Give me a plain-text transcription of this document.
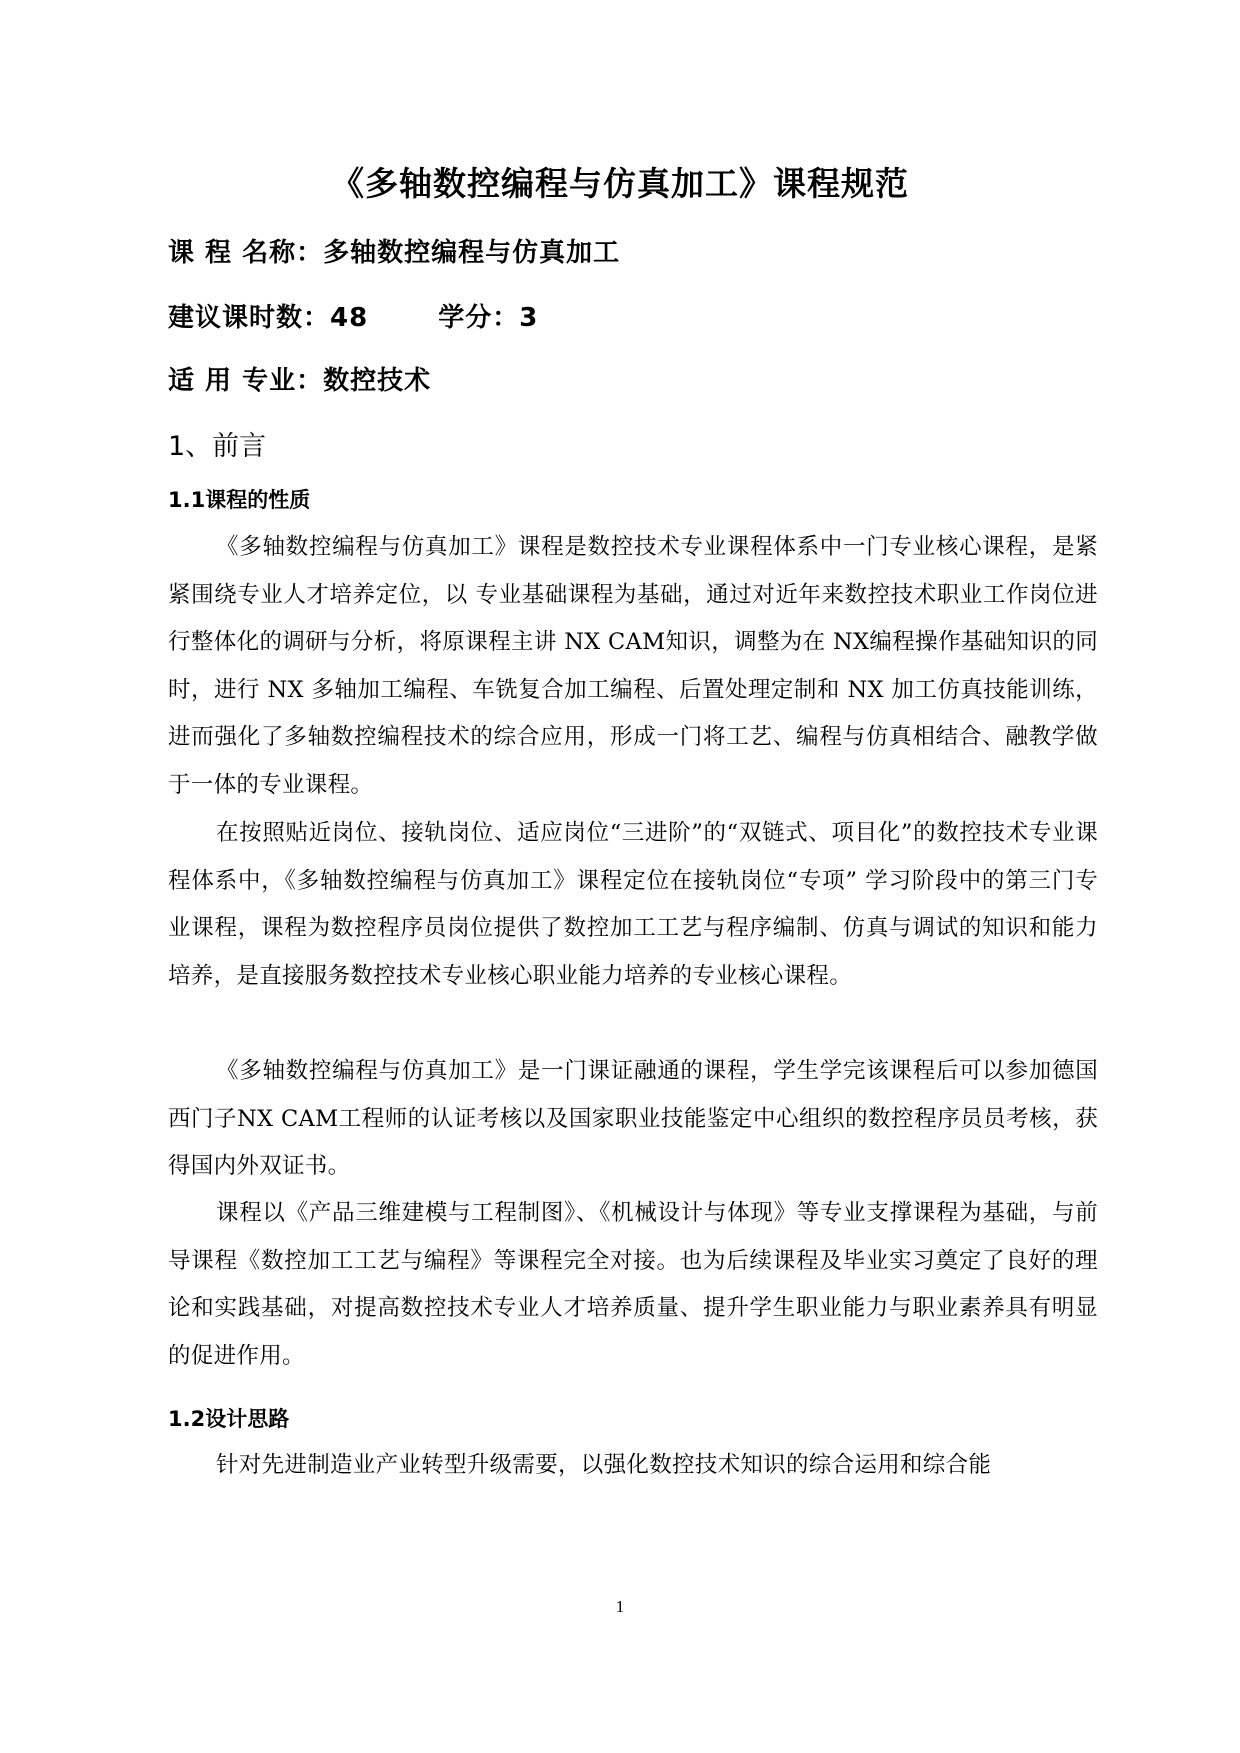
《多轴数控编程与仿真加工》课程规范
课 程 名称：多轴数控编程与仿真加工
建议课时数：48	学分：3
适 用 专业：数控技术
1、前言
1.1课程的性质
《多轴数控编程与仿真加工》课程是数控技术专业课程体系中一门专业核心课程，是紧紧围绕专业人才培养定位，以 专业基础课程为基础，通过对近年来数控技术职业工作岗位进行整体化的调研与分析，将原课程主讲 NX CAM知识，调整为在 NX编程操作基础知识的同时，进行 NX 多轴加工编程、车铣复合加工编程、后置处理定制和 NX 加工仿真技能训练，进而强化了多轴数控编程技术的综合应用，形成一门将工艺、编程与仿真相结合、融教学做于一体的专业课程。
在按照贴近岗位、接轨岗位、适应岗位“三进阶”的“双链式、项目化”的数控技术专业课程体系中，《多轴数控编程与仿真加工》课程定位在接轨岗位“专项” 学习阶段中的第三门专业课程，课程为数控程序员岗位提供了数控加工工艺与程序编制、仿真与调试的知识和能力培养，是直接服务数控技术专业核心职业能力培养的专业核心课程。
《多轴数控编程与仿真加工》是一门课证融通的课程，学生学完该课程后可以参加德国西门子NX CAM工程师的认证考核以及国家职业技能鉴定中心组织的数控程序员员考核，获得国内外双证书。
课程以《产品三维建模与工程制图》、《机械设计与体现》等专业支撑课程为基础，与前导课程《数控加工工艺与编程》等课程完全对接。也为后续课程及毕业实习奠定了良好的理论和实践基础，对提高数控技术专业人才培养质量、提升学生职业能力与职业素养具有明显的促进作用。
1.2设计思路
针对先进制造业产业转型升级需要，以强化数控技术知识的综合运用和综合能
1
